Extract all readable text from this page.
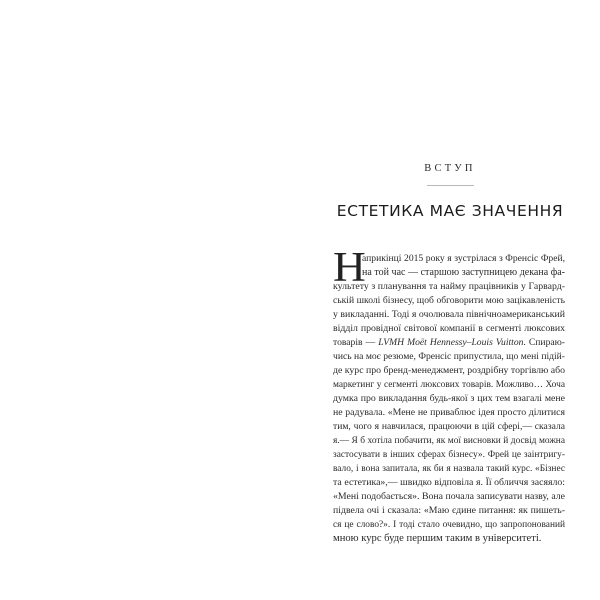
ВСТУП
ЕСТЕТИКА МАЄ ЗНАЧЕННЯ
Н
априкінці 2015 року я зустрілася з Френсіс Фрей,
на той час — старшою заступницею декана фа-
культету з планування та найму працівників у Гарвард-
ській школі бізнесу, щоб обговорити мою зацікавленість
у викладанні. Тоді я очолювала північноамериканський
відділ провідної світової компанії в сегменті люксових
товарів — LVMH Moët Hennessy–Louis Vuitton. Спираю-
чись на моє резюме, Френсіс припустила, що мені підій-
де курс про бренд-менеджмент, роздрібну торгівлю або
маркетинг у сегменті люксових товарів. Можливо… Хоча
думка про викладання будь-якої з цих тем взагалі мене
не радувала. «Мене не приваблює ідея просто ділитися
тим, чого я навчилася, працюючи в цій сфері,— сказала
я.— Я б хотіла побачити, як мої висновки й досвід можна
застосувати в інших сферах бізнесу». Фрей це заінтригу-
вало, і вона запитала, як би я назвала такий курс. «Бізнес
та естетика»,— швидко відповіла я. Її обличчя засяяло:
«Мені подобається». Вона почала записувати назву, але
підвела очі і сказала: «Маю єдине питання: як пишеть-
ся це слово?». І тоді стало очевидно, що запропонований
мною курс буде першим таким в університеті.
